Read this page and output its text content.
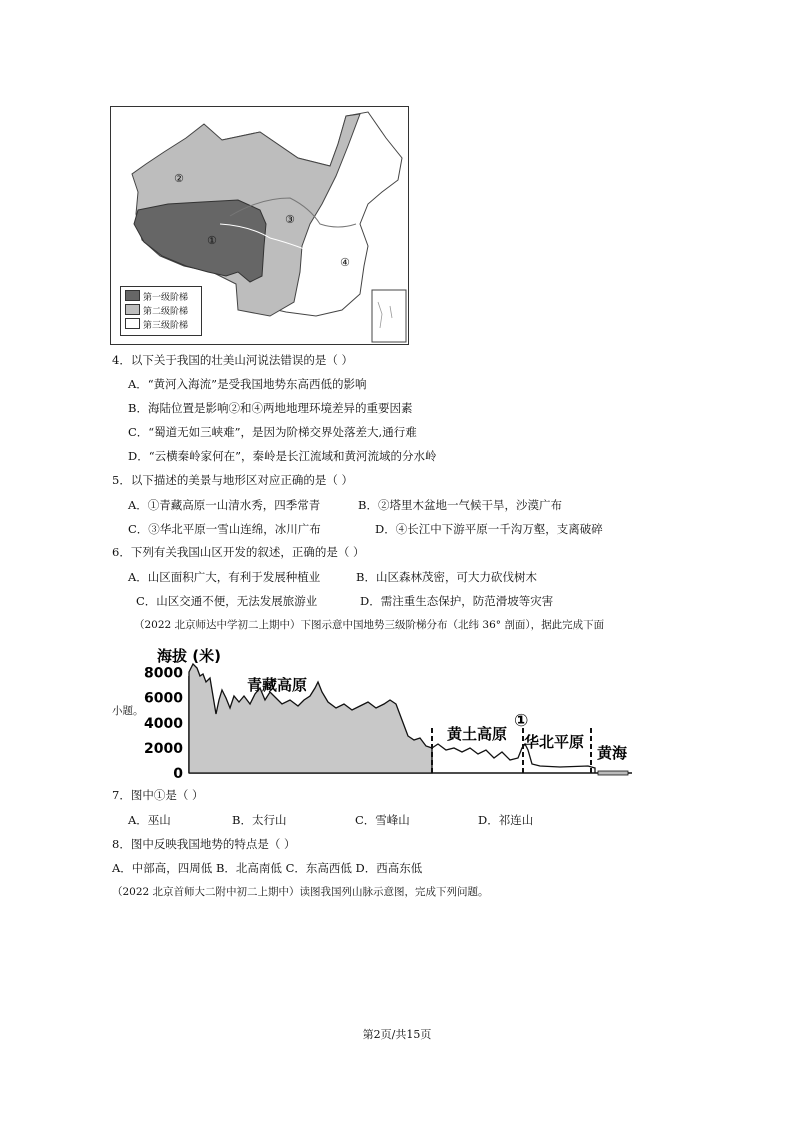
②
③
①
④
第一级阶梯
第二级阶梯
第三级阶梯
4．以下关于我国的壮美山河说法错误的是（ ）
A．“黄河入海流”是受我国地势东高西低的影响
B．海陆位置是影响②和④两地地理环境差异的重要因素
C．“蜀道无如三峡难”，是因为阶梯交界处落差大,通行难
D．“云横秦岭家何在”，秦岭是长江流域和黄河流域的分水岭
5．以下描述的美景与地形区对应正确的是（ ）
A．①青藏高原一山清水秀，四季常青	B．②塔里木盆地一气候干旱，沙漠广布
C．③华北平原一雪山连绵，冰川广布	D．④长江中下游平原一千沟万壑，支离破碎
6．下列有关我国山区开发的叙述，正确的是（ ）
A．山区面积广大，有利于发展种植业	B．山区森林茂密，可大力砍伐树木
C．山区交通不便，无法发展旅游业	D．需注重生态保护，防范滑坡等灾害
（2022 北京师达中学初二上期中）下图示意中国地势三级阶梯分布（北纬 36° 剖面），据此完成下面
小题。
海拔 (米)
0
2000
4000
6000
8000
青藏高原
黄土高原 华北平原
黄海
①
7．图中①是（ ）
A．巫山	B．太行山	C．雪峰山	D．祁连山
8．图中反映我国地势的特点是（ ）
A．中部高，四周低 B．北高南低 C．东高西低 D．西高东低
（2022 北京首师大二附中初二上期中）读图我国列山脉示意图，完成下列问题。
第2页/共15页
